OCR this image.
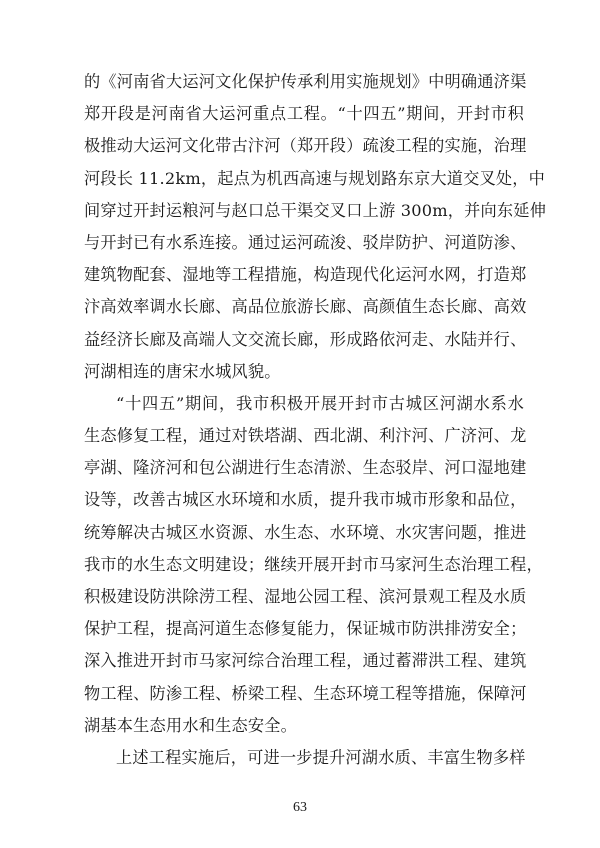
的《河南省大运河文化保护传承利用实施规划》中明确通济渠
郑开段是河南省大运河重点工程。“十四五”期间，开封市积
极推动大运河文化带古汴河（郑开段）疏浚工程的实施，治理
河段长 11.2km，起点为机西高速与规划路东京大道交叉处，中
间穿过开封运粮河与赵口总干渠交叉口上游 300m，并向东延伸
与开封已有水系连接。通过运河疏浚、驳岸防护、河道防渗、
建筑物配套、湿地等工程措施，构造现代化运河水网，打造郑
汴高效率调水长廊、高品位旅游长廊、高颜值生态长廊、高效
益经济长廊及高端人文交流长廊，形成路依河走、水陆并行、
河湖相连的唐宋水城风貌。
“十四五”期间，我市积极开展开封市古城区河湖水系水
生态修复工程，通过对铁塔湖、西北湖、利汴河、广济河、龙
亭湖、隆济河和包公湖进行生态清淤、生态驳岸、河口湿地建
设等，改善古城区水环境和水质，提升我市城市形象和品位，
统筹解决古城区水资源、水生态、水环境、水灾害问题，推进
我市的水生态文明建设；继续开展开封市马家河生态治理工程，
积极建设防洪除涝工程、湿地公园工程、滨河景观工程及水质
保护工程，提高河道生态修复能力，保证城市防洪排涝安全；
深入推进开封市马家河综合治理工程，通过蓄滞洪工程、建筑
物工程、防渗工程、桥梁工程、生态环境工程等措施，保障河
湖基本生态用水和生态安全。
上述工程实施后，可进一步提升河湖水质、丰富生物多样
63
